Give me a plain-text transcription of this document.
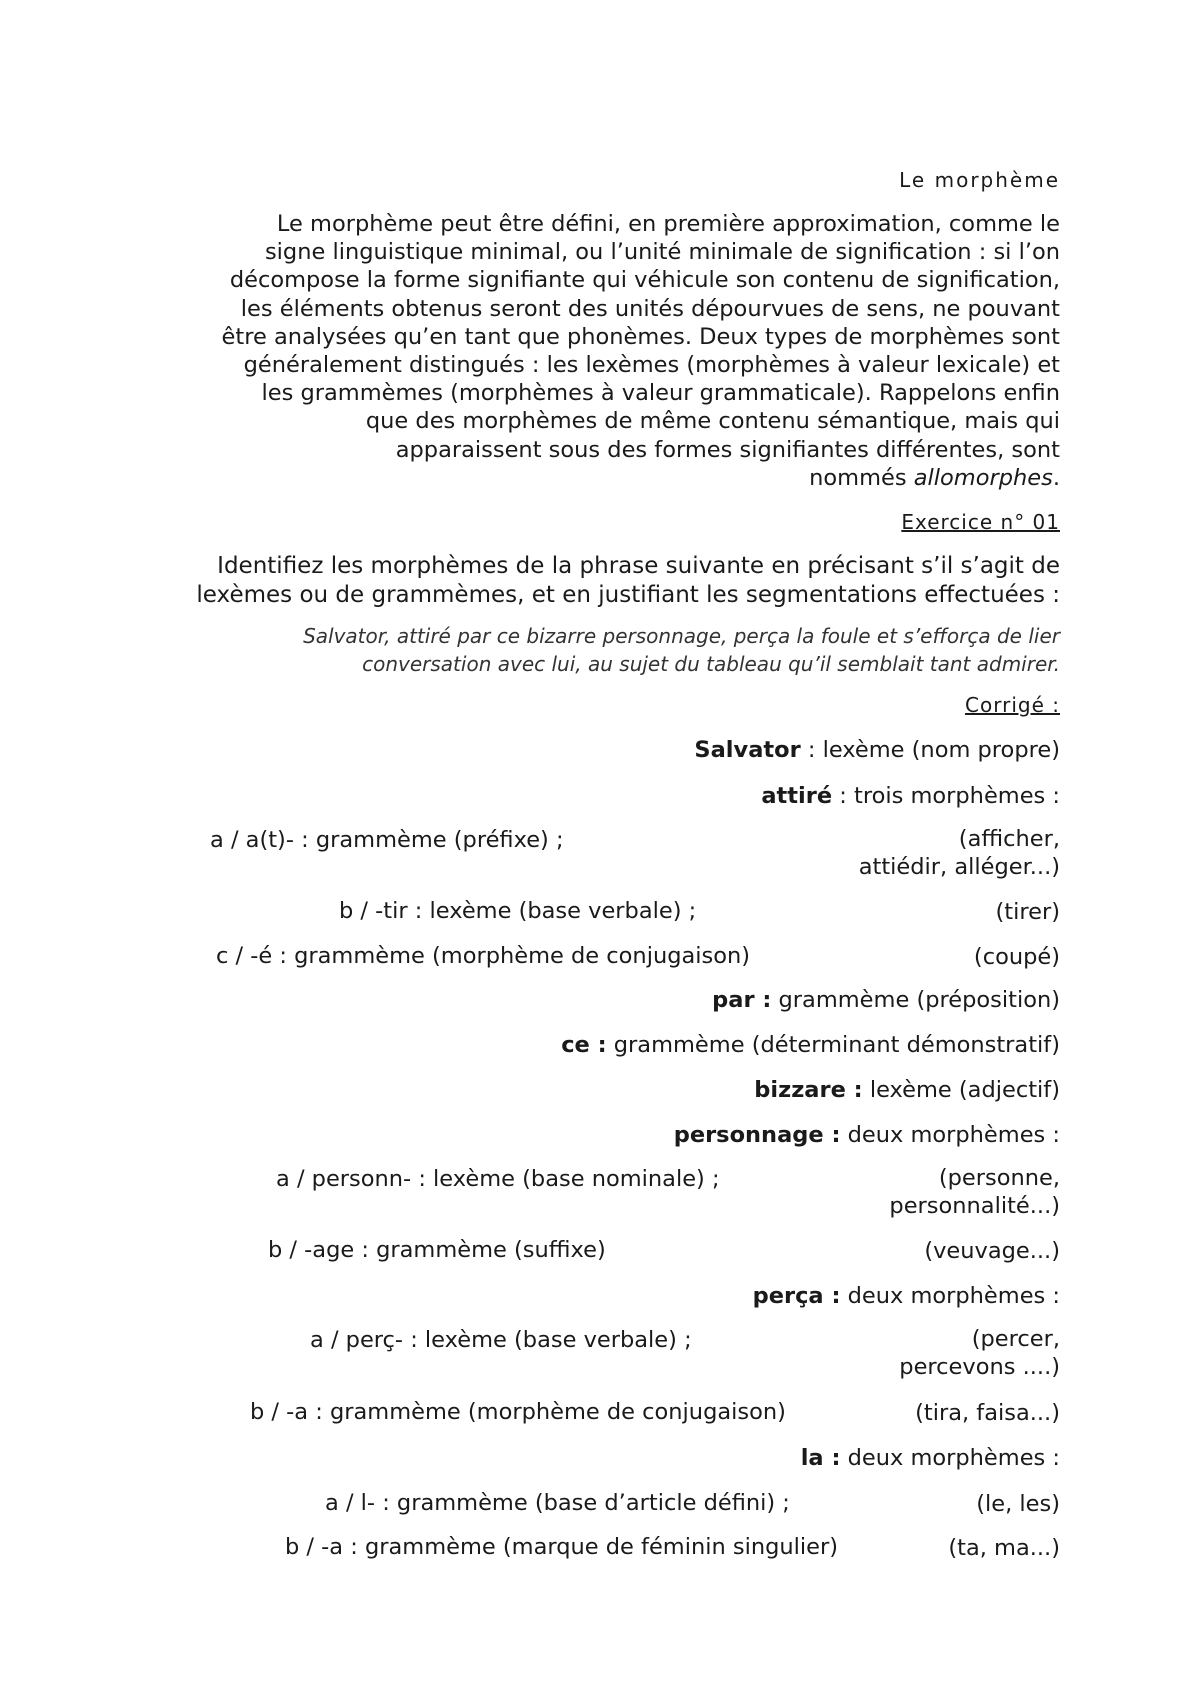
Le morphème
Le morphème peut être défini, en première approximation, comme le
signe linguistique minimal, ou l’unité minimale de signification : si l’on
décompose la forme signifiante qui véhicule son contenu de signification,
les éléments obtenus seront des unités dépourvues de sens, ne pouvant
être analysées qu’en tant que phonèmes. Deux types de morphèmes sont
généralement distingués : les lexèmes (morphèmes à valeur lexicale) et
les grammèmes (morphèmes à valeur grammaticale). Rappelons enfin
que des morphèmes de même contenu sémantique, mais qui
apparaissent sous des formes signifiantes différentes, sont
nommés allomorphes.
Exercice n° 01
Identifiez les morphèmes de la phrase suivante en précisant s’il s’agit de
lexèmes ou de grammèmes, et en justifiant les segmentations effectuées :
Salvator, attiré par ce bizarre personnage, perça la foule et s’efforça de lier
conversation avec lui, au sujet du tableau qu’il semblait tant admirer.
Corrigé :
Salvator : lexème (nom propre)
attiré : trois morphèmes :
a / a(t)- : grammème (préfixe) ;	(afficher,
attiédir, alléger...)
b / -tir : lexème (base verbale) ;	(tirer)
c / -é : grammème (morphème de conjugaison)	(coupé)
par : grammème (préposition)
ce : grammème (déterminant démonstratif)
bizzare : lexème (adjectif)
personnage : deux morphèmes :
a / personn- : lexème (base nominale) ;	(personne,
personnalité...)
b / -age : grammème (suffixe)	(veuvage...)
perça : deux morphèmes :
a / perç- : lexème (base verbale) ;	(percer,
percevons ....)
b / -a : grammème (morphème de conjugaison)	(tira, faisa...)
la : deux morphèmes :
a / l- : grammème (base d’article défini) ;	(le, les)
b / -a : grammème (marque de féminin singulier)	(ta, ma...)
